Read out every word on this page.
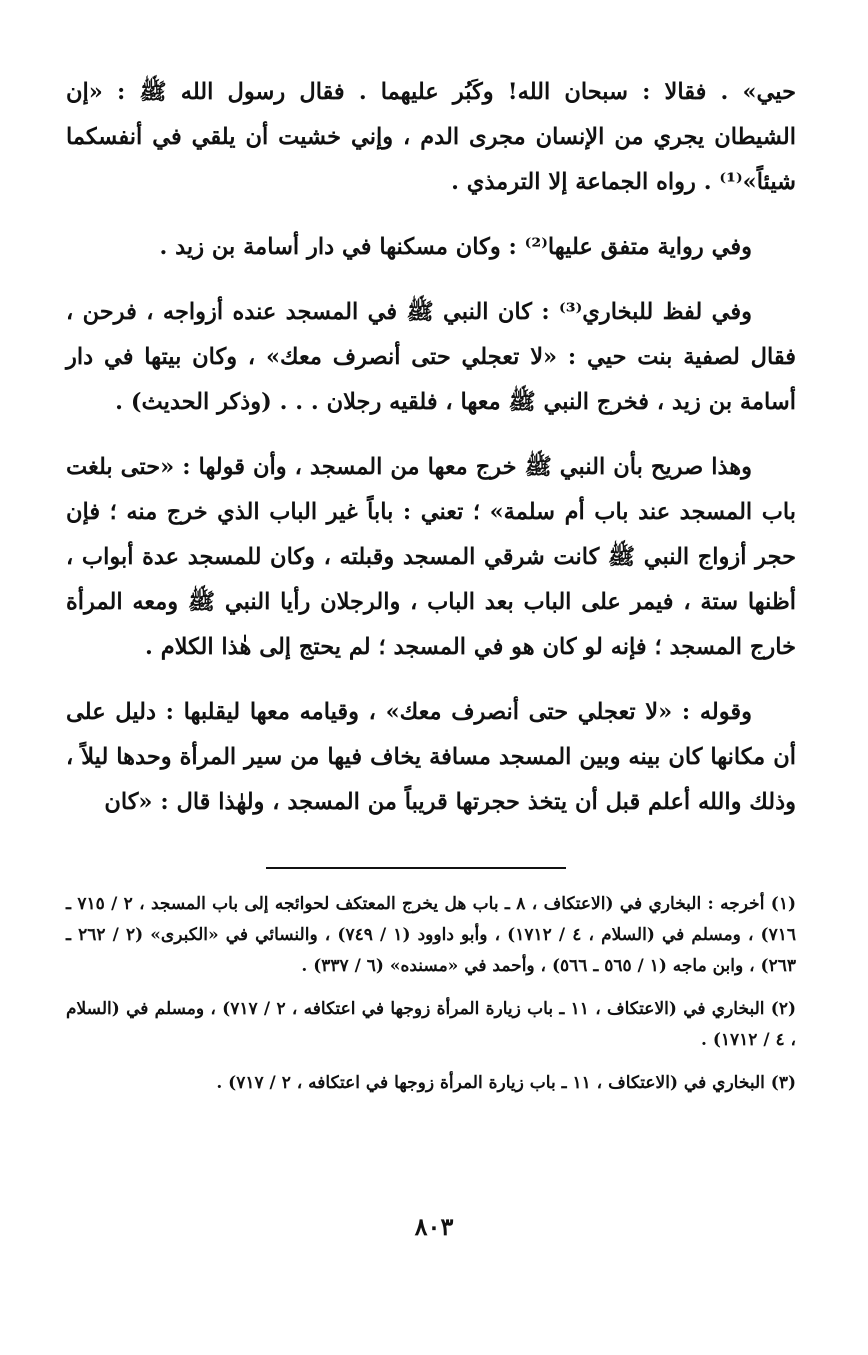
حيي» . فقالا : سبحان الله! وكَبُر عليهما . فقال رسول الله ﷺ : «إن الشيطان يجري من الإنسان مجرى الدم ، وإني خشيت أن يلقي في أنفسكما شيئاً»⁽¹⁾ . رواه الجماعة إلا الترمذي .

وفي رواية متفق عليها⁽²⁾ : وكان مسكنها في دار أسامة بن زيد .

وفي لفظ للبخاري⁽³⁾ : كان النبي ﷺ في المسجد عنده أزواجه ، فرحن ، فقال لصفية بنت حيي : «لا تعجلي حتى أنصرف معك» ، وكان بيتها في دار أسامة بن زيد ، فخرج النبي ﷺ معها ، فلقيه رجلان . . . (وذكر الحديث) .

وهذا صريح بأن النبي ﷺ خرج معها من المسجد ، وأن قولها : «حتى بلغت باب المسجد عند باب أم سلمة» ؛ تعني : باباً غير الباب الذي خرج منه ؛ فإن حجر أزواج النبي ﷺ كانت شرقي المسجد وقبلته ، وكان للمسجد عدة أبواب ، أظنها ستة ، فيمر على الباب بعد الباب ، والرجلان رأيا النبي ﷺ ومعه المرأة خارج المسجد ؛ فإنه لو كان هو في المسجد ؛ لم يحتج إلى هٰذا الكلام .

وقوله : «لا تعجلي حتى أنصرف معك» ، وقيامه معها ليقلبها : دليل على أن مكانها كان بينه وبين المسجد مسافة يخاف فيها من سير المرأة وحدها ليلاً ، وذلك والله أعلم قبل أن يتخذ حجرتها قريباً من المسجد ، ولهٰذا قال : «كان

(١) أخرجه : البخاري في (الاعتكاف ، ٨ ـ باب هل يخرج المعتكف لحوائجه إلى باب المسجد ، ٢ / ٧١٥ ـ ٧١٦) ، ومسلم في (السلام ، ٤ / ١٧١٢) ، وأبو داوود (١ / ٧٤٩) ، والنسائي في «الكبرى» (٢ / ٢٦٢ ـ ٢٦٣) ، وابن ماجه (١ / ٥٦٥ ـ ٥٦٦) ، وأحمد في «مسنده» (٦ / ٣٣٧) .

(٢) البخاري في (الاعتكاف ، ١١ ـ باب زيارة المرأة زوجها في اعتكافه ، ٢ / ٧١٧) ، ومسلم في (السلام ، ٤ / ١٧١٢) .

(٣) البخاري في (الاعتكاف ، ١١ ـ باب زيارة المرأة زوجها في اعتكافه ، ٢ / ٧١٧) .

٨٠٣
